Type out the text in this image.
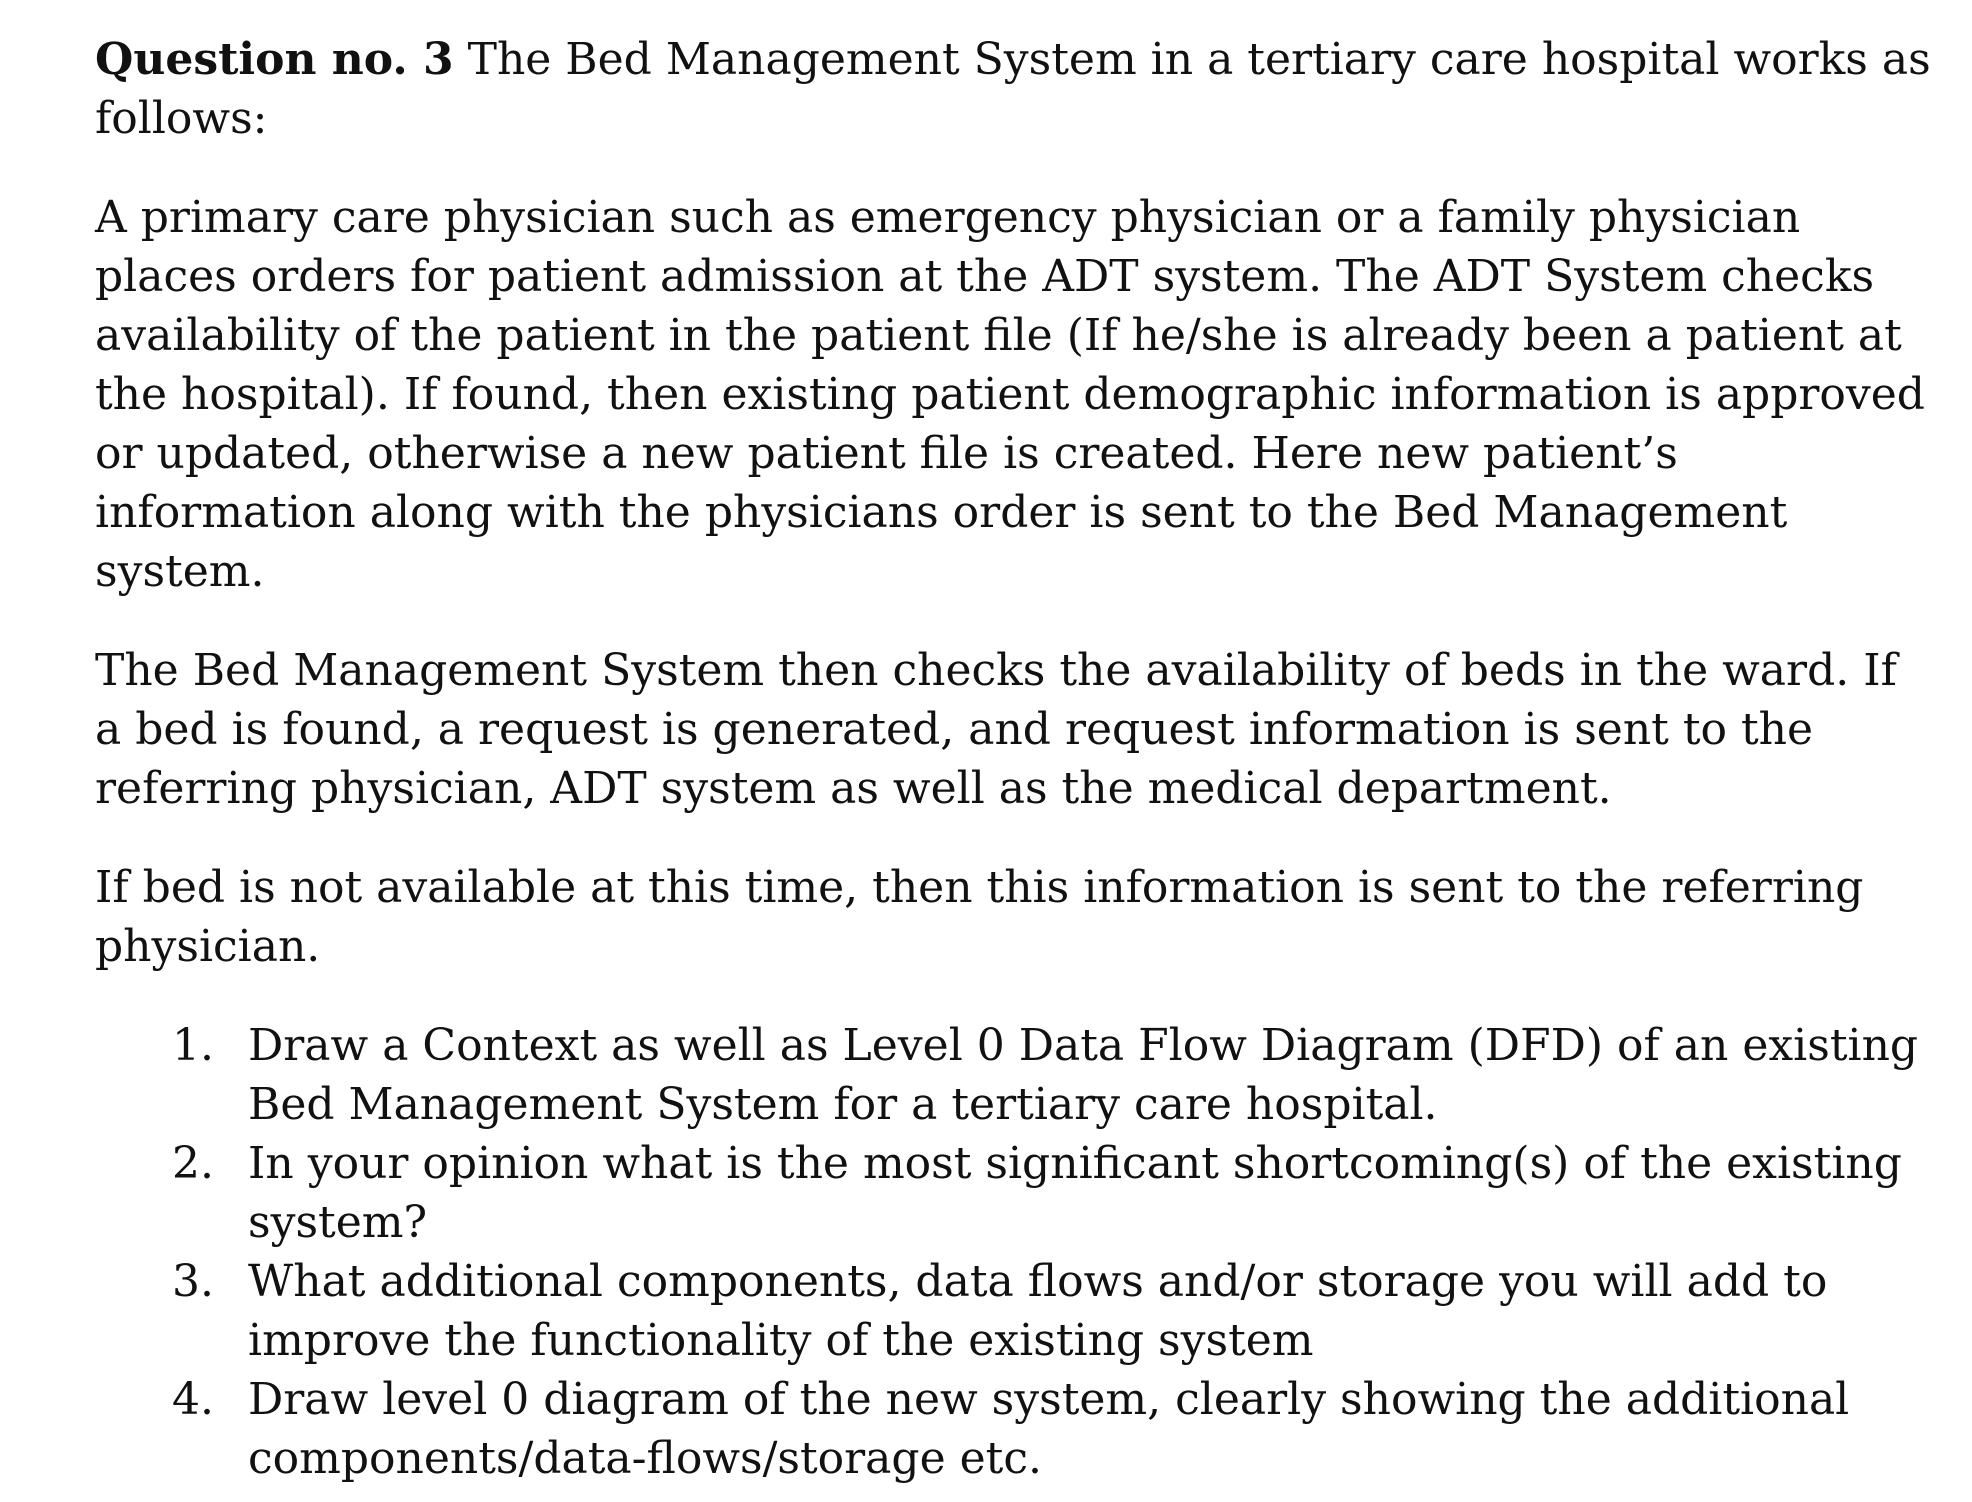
Question no. 3 The Bed Management System in a tertiary care hospital works as follows:

A primary care physician such as emergency physician or a family physician places orders for patient admission at the ADT system. The ADT System checks availability of the patient in the patient file (If he/she is already been a patient at the hospital). If found, then existing patient demographic information is approved or updated, otherwise a new patient file is created. Here new patient’s information along with the physicians order is sent to the Bed Management system.

The Bed Management System then checks the availability of beds in the ward. If a bed is found, a request is generated, and request information is sent to the referring physician, ADT system as well as the medical department.

If bed is not available at this time, then this information is sent to the referring physician.

1. Draw a Context as well as Level 0 Data Flow Diagram (DFD) of an existing Bed Management System for a tertiary care hospital.
2. In your opinion what is the most significant shortcoming(s) of the existing system?
3. What additional components, data flows and/or storage you will add to improve the functionality of the existing system
4. Draw level 0 diagram of the new system, clearly showing the additional components/data-flows/storage etc.
